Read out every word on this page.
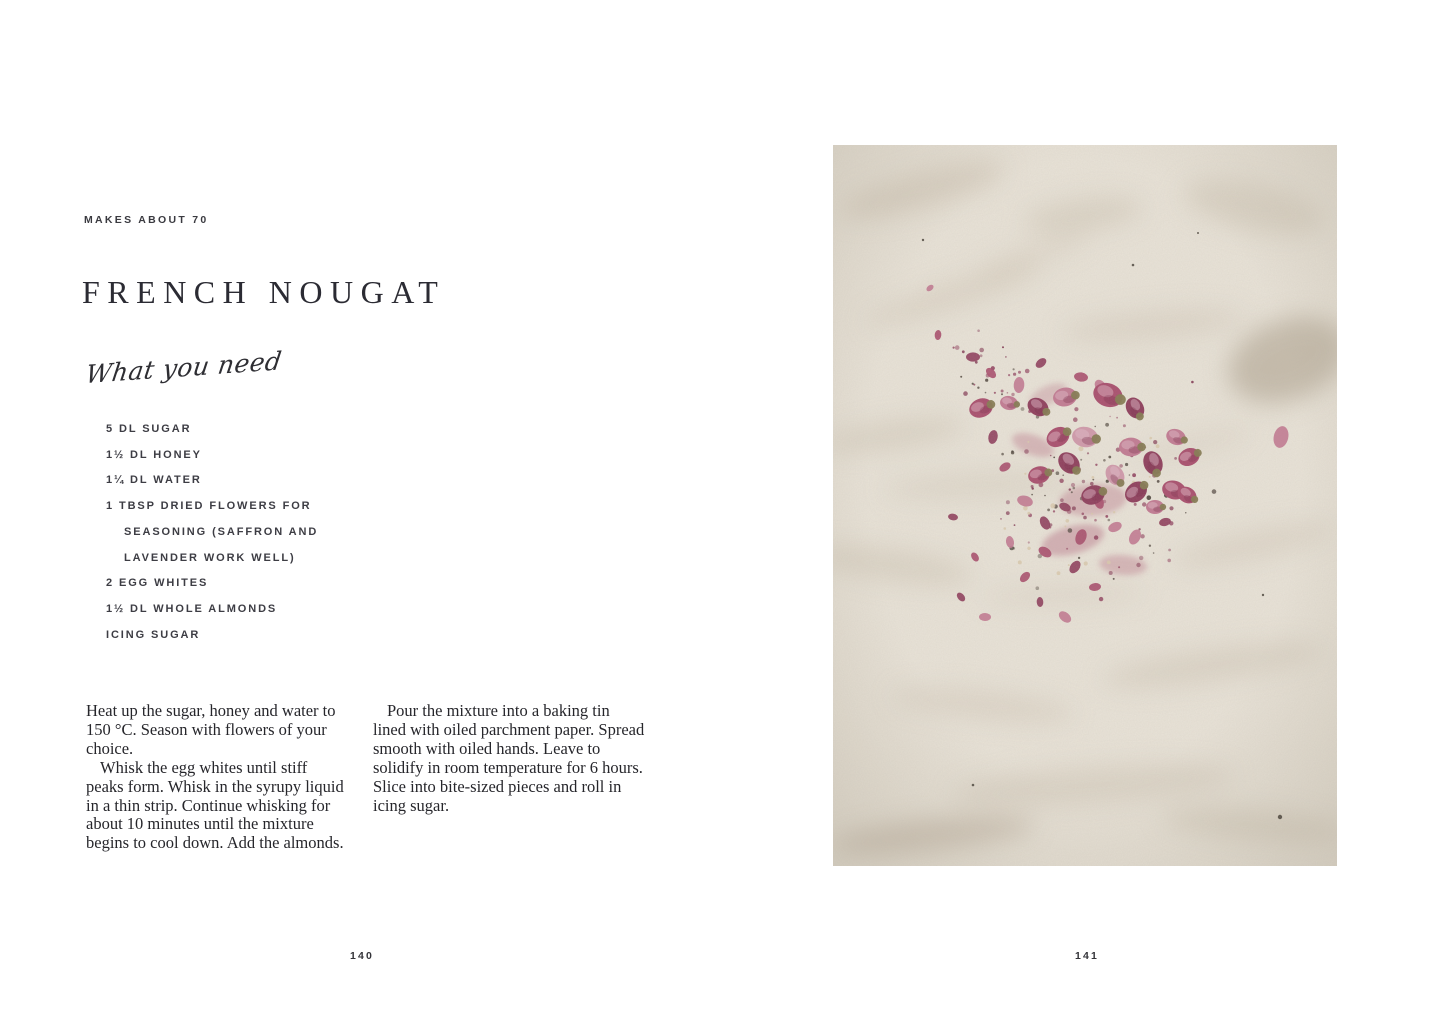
MAKES ABOUT 70
FRENCH NOUGAT
What you need
5 DL SUGAR
1½ DL HONEY
1¼ DL WATER
1 TBSP DRIED FLOWERS FOR
SEASONING (SAFFRON AND
LAVENDER WORK WELL)
2 EGG WHITES
1½ DL WHOLE ALMONDS
ICING SUGAR

Heat up the sugar, honey and water to 150 °C. Season with flowers of your choice.

Whisk the egg whites until stiff peaks form. Whisk in the syrupy liquid in a thin strip. Continue whisking for about 10 minutes until the mixture begins to cool down. Add the almonds.

Pour the mixture into a baking tin lined with oiled parchment paper. Spread smooth with oiled hands. Leave to solidify in room temperature for 6 hours. Slice into bite-sized pieces and roll in icing sugar.

140	141
